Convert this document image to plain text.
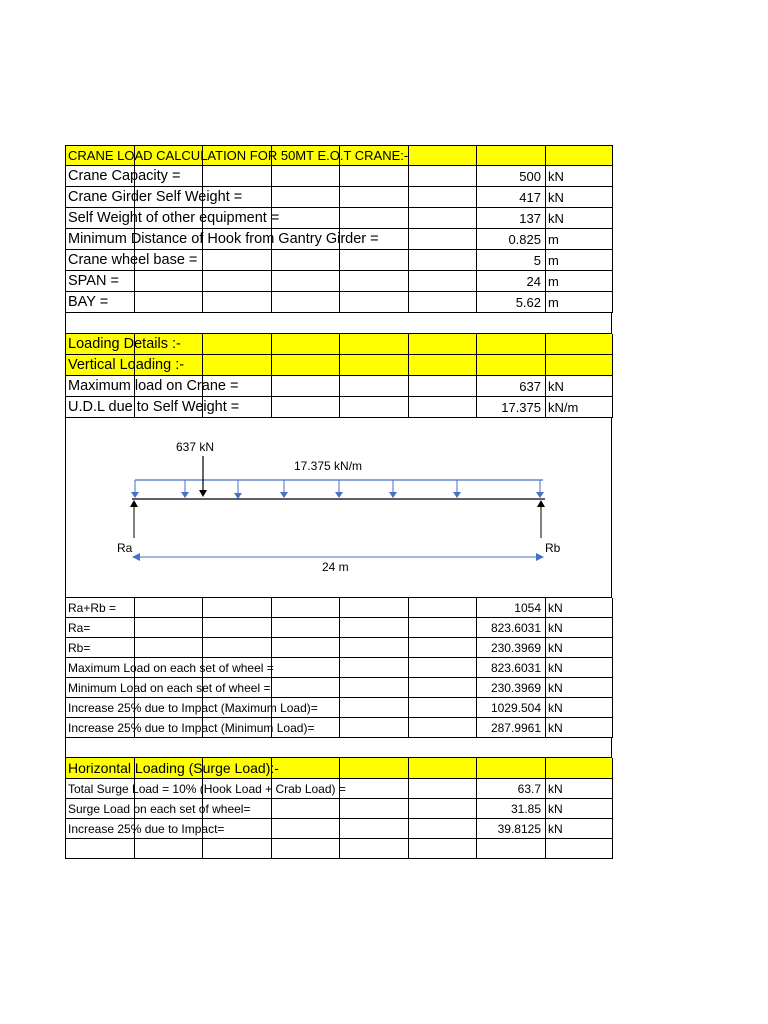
CRANE LOAD CALCULATION FOR 50MT E.O.T CRANE:-
Crane Capacity =	500 kN
Crane Girder Self Weight =	417 kN
Self Weight of other equipment =	137 kN
Minimum Distance of Hook from Gantry Girder =	0.825 m
Crane wheel base =	5 m
SPAN =	24 m
BAY =	5.62 m
Loading Details :-
Vertical Loading :-
Maximum load on Crane =	637 kN
U.D.L due to Self Weight =	17.375 kN/m
637 kN
17.375 kN/m
Ra	Rb
24 m
Ra+Rb =	1054 kN
Ra=	823.6031 kN
Rb=	230.3969 kN
Maximum Load on each set of wheel =	823.6031 kN
Minimum Load on each set of wheel =	230.3969 kN
Increase 25% due to Impact (Maximum Load)=	1029.504 kN
Increase 25% due to Impact (Minimum Load)=	287.9961 kN
Horizontal Loading (Surge Load):-
Total Surge Load = 10% (Hook Load + Crab Load) =	63.7 kN
Surge Load on each set of wheel=	31.85 kN
Increase 25% due to Impact=	39.8125 kN
